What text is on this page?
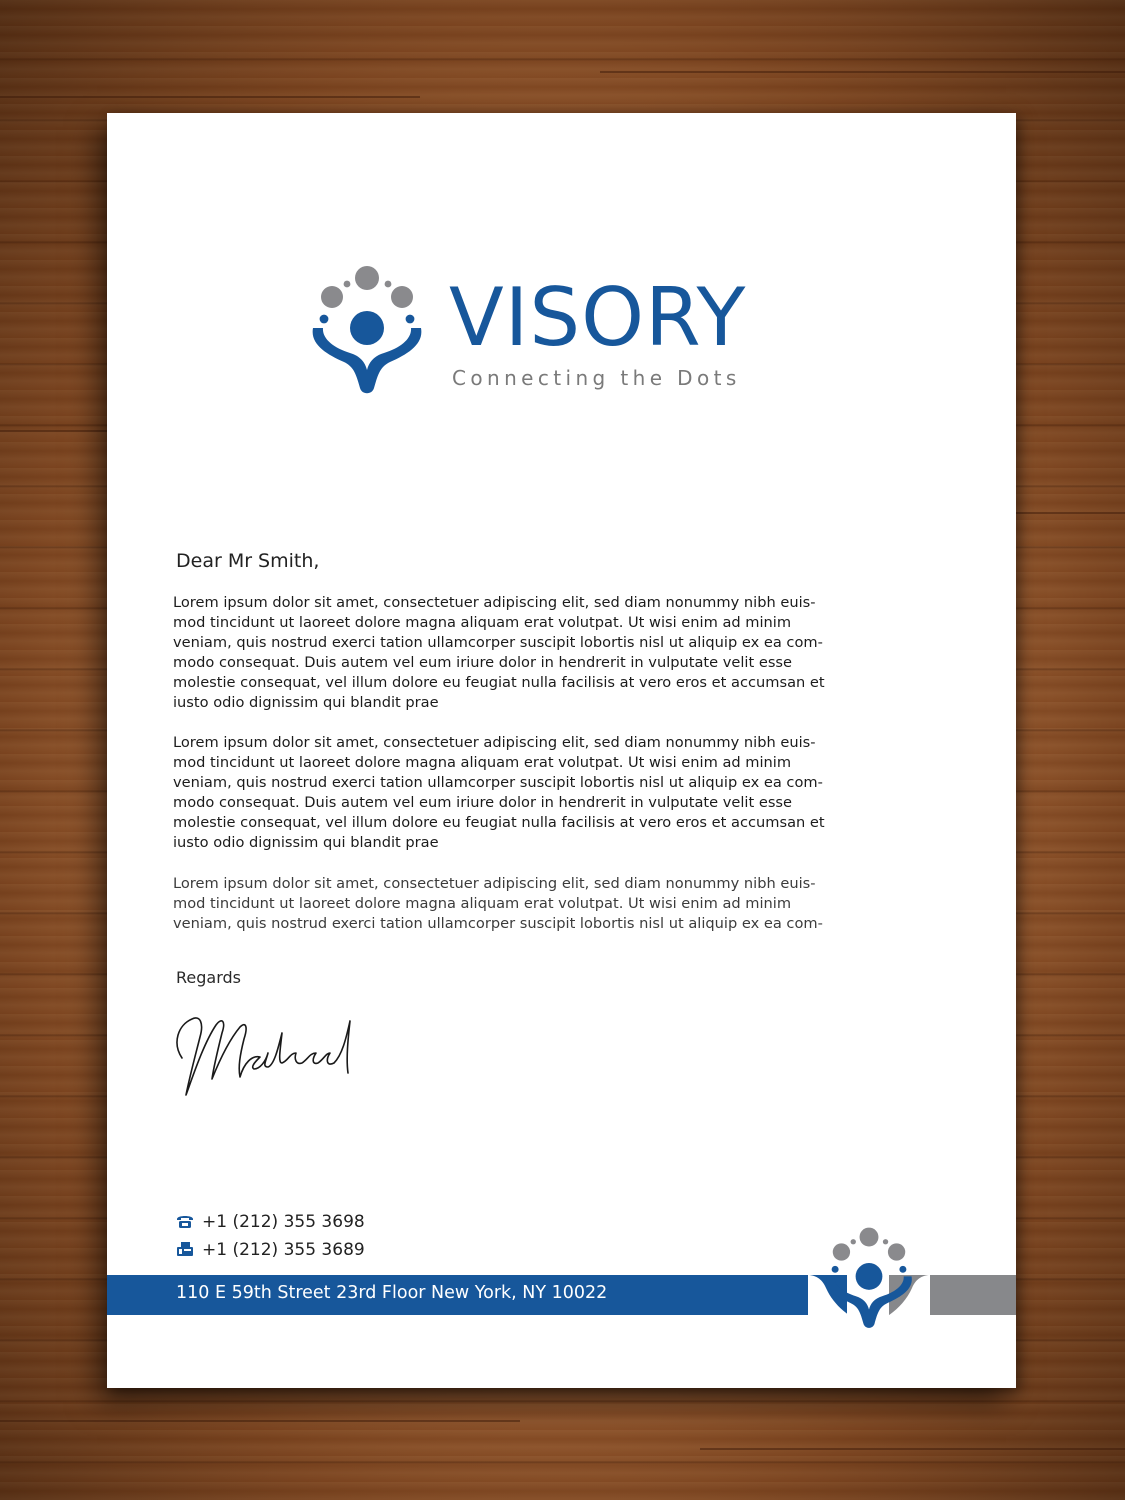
VISORY
Connecting the Dots
Dear Mr Smith,

Lorem ipsum dolor sit amet, consectetuer adipiscing elit, sed diam nonummy nibh euis-
mod tincidunt ut laoreet dolore magna aliquam erat volutpat. Ut wisi enim ad minim
veniam, quis nostrud exerci tation ullamcorper suscipit lobortis nisl ut aliquip ex ea com-
modo consequat. Duis autem vel eum iriure dolor in hendrerit in vulputate velit esse
molestie consequat, vel illum dolore eu feugiat nulla facilisis at vero eros et accumsan et
iusto odio dignissim qui blandit prae

Lorem ipsum dolor sit amet, consectetuer adipiscing elit, sed diam nonummy nibh euis-
mod tincidunt ut laoreet dolore magna aliquam erat volutpat. Ut wisi enim ad minim
veniam, quis nostrud exerci tation ullamcorper suscipit lobortis nisl ut aliquip ex ea com-
modo consequat. Duis autem vel eum iriure dolor in hendrerit in vulputate velit esse
molestie consequat, vel illum dolore eu feugiat nulla facilisis at vero eros et accumsan et
iusto odio dignissim qui blandit prae

Lorem ipsum dolor sit amet, consectetuer adipiscing elit, sed diam nonummy nibh euis-
mod tincidunt ut laoreet dolore magna aliquam erat volutpat. Ut wisi enim ad minim
veniam, quis nostrud exerci tation ullamcorper suscipit lobortis nisl ut aliquip ex ea com-

Regards
+1 (212) 355 3698
+1 (212) 355 3689
110 E 59th Street 23rd Floor New York, NY 10022
